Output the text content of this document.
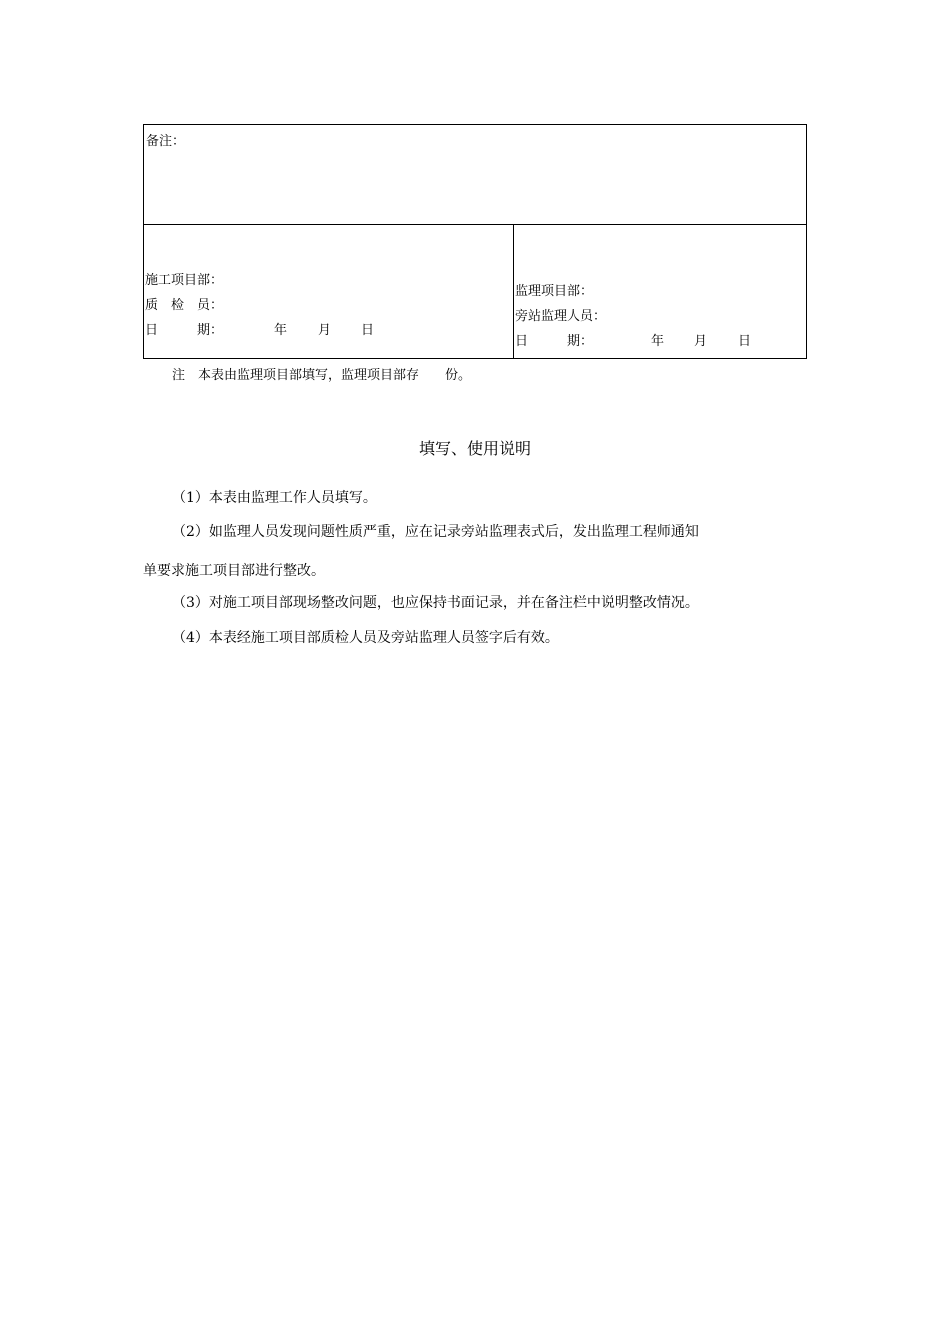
备注：
施工项目部：
质　检　员：
日　　　期：	年 月 日
监理项目部：
旁站监理人员：
日　　　期：	年 月 日
注　本表由监理项目部填写，监理项目部存　　份。
填写、使用说明
（1）本表由监理工作人员填写。
（2）如监理人员发现问题性质严重，应在记录旁站监理表式后，发出监理工程师通知
单要求施工项目部进行整改。
（3）对施工项目部现场整改问题，也应保持书面记录，并在备注栏中说明整改情况。
（4）本表经施工项目部质检人员及旁站监理人员签字后有效。
